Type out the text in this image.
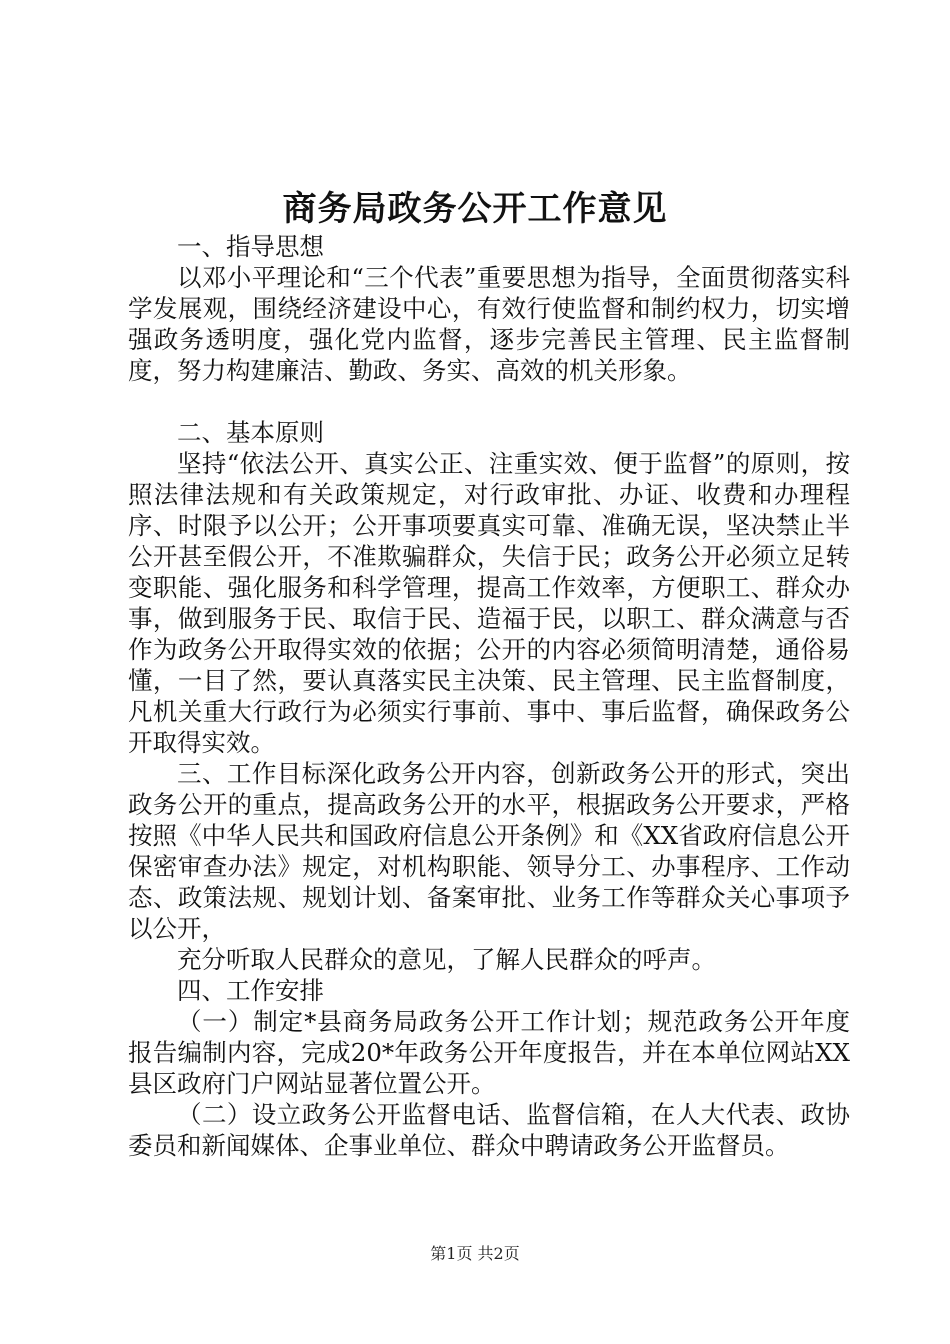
商务局政务公开工作意见

一、指导思想

以邓小平理论和“三个代表”重要思想为指导，全面贯彻落实科学发展观，围绕经济建设中心，有效行使监督和制约权力，切实增强政务透明度，强化党内监督，逐步完善民主管理、民主监督制度，努力构建廉洁、勤政、务实、高效的机关形象。

二、基本原则

坚持“依法公开、真实公正、注重实效、便于监督”的原则，按照法律法规和有关政策规定，对行政审批、办证、收费和办理程序、时限予以公开；公开事项要真实可靠、准确无误，坚决禁止半公开甚至假公开，不准欺骗群众，失信于民；政务公开必须立足转变职能、强化服务和科学管理，提高工作效率，方便职工、群众办事，做到服务于民、取信于民、造福于民，以职工、群众满意与否作为政务公开取得实效的依据；公开的内容必须简明清楚，通俗易懂，一目了然，要认真落实民主决策、民主管理、民主监督制度，凡机关重大行政行为必须实行事前、事中、事后监督，确保政务公开取得实效。

三、工作目标深化政务公开内容，创新政务公开的形式，突出政务公开的重点，提高政务公开的水平，根据政务公开要求，严格按照《中华人民共和国政府信息公开条例》和《XX省政府信息公开保密审查办法》规定，对机构职能、领导分工、办事程序、工作动态、政策法规、规划计划、备案审批、业务工作等群众关心事项予以公开，

充分听取人民群众的意见，了解人民群众的呼声。

四、工作安排

（一）制定*县商务局政务公开工作计划；规范政务公开年度报告编制内容，完成20*年政务公开年度报告，并在本单位网站XX县区政府门户网站显著位置公开。

（二）设立政务公开监督电话、监督信箱，在人大代表、政协委员和新闻媒体、企事业单位、群众中聘请政务公开监督员。

第1页 共2页
